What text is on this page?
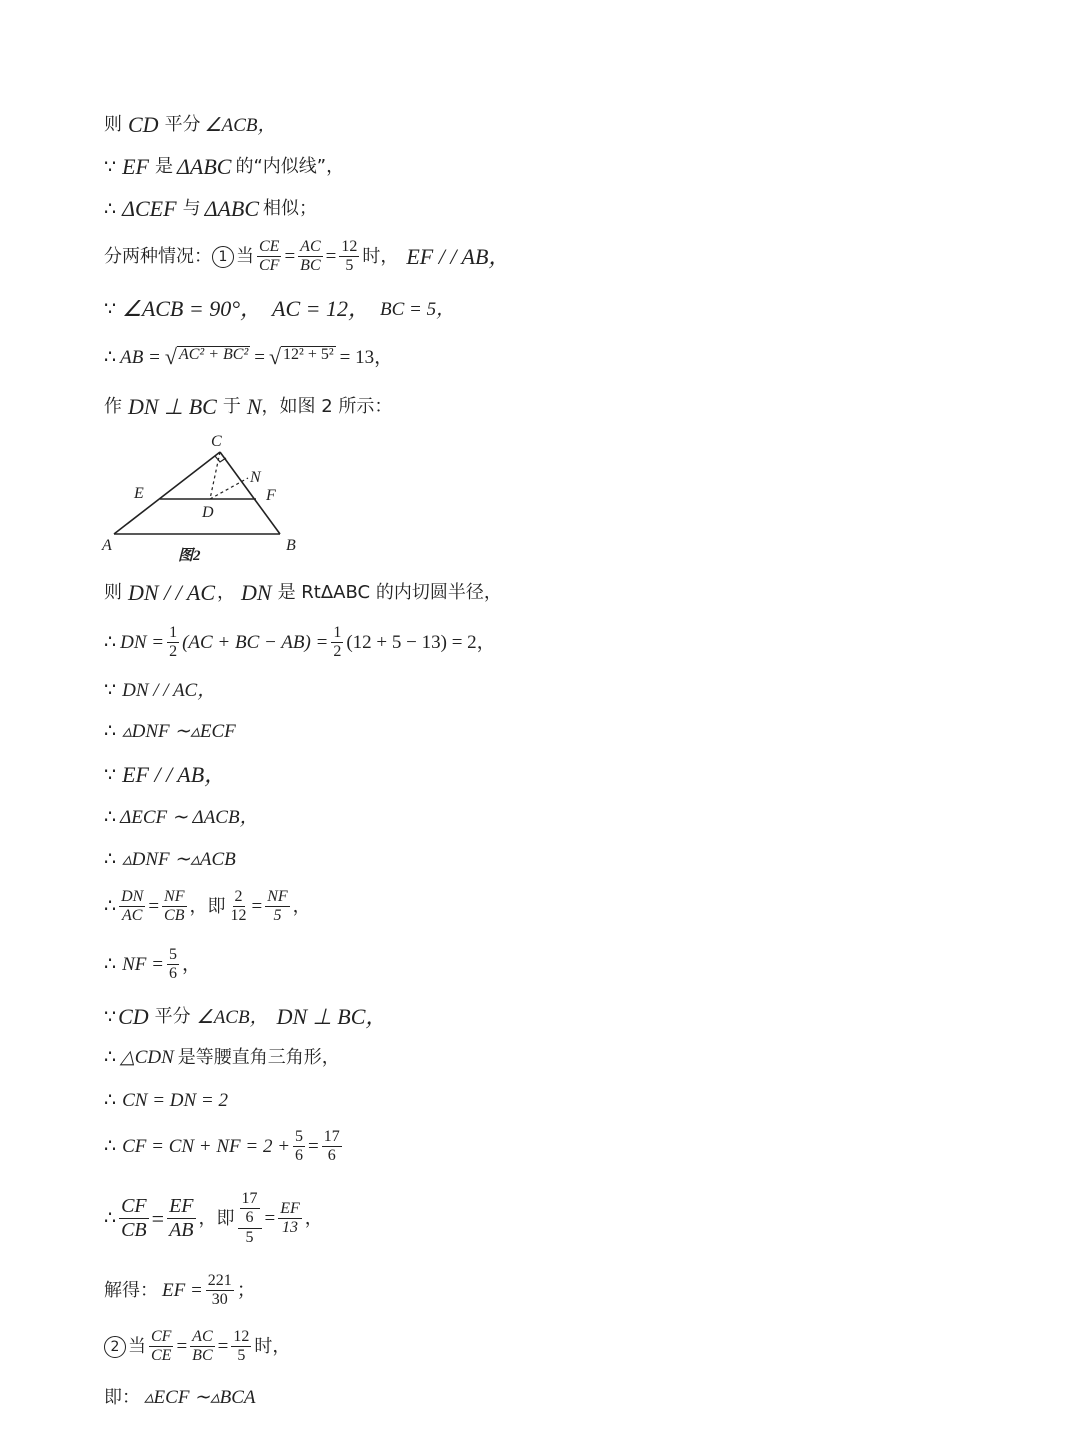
则 CD 平分 ∠ACB，
∵ EF 是 ΔABC 的“内似线”，
∴ ΔCEF 与 ΔABC 相似；
分两种情况： 1 当 $\frac{CE}{CF} = \frac{AC}{BC} = \frac{12}{5}$ 时， EF / / AB，
∵ ∠ACB = 90°， AC = 12， BC = 5，
∴ AB = √ AC² + BC² = √ 12² + 5² = 13，
作 DN ⊥ BC 于 N ，如图 2 所示：
C
N
E	F
D
A	B
图2
则 DN / / AC ， DN 是 RtΔABC 的内切圆半径，
∴ DN = $\frac{1}{2} (AC$ + BC − $AB) = \frac{1}{2} (12 + 5 - 13) = 2$，
∵ DN / / AC，
∴ ▵DNF ∼▵ECF
∵ EF / / AB，
∴ ΔECF ∼ ΔACB，
∴ ▵DNF ∼▵ACB
∴ $\frac{DN}{AC} = \frac{NF}{CB}$ ，即 $\frac{2}{12} = \frac{NF}{5}$ ，
∴ NF = $\frac{5}{6}$ ，
∵ CD 平分 ∠ACB， DN ⊥ BC，
∴ △CDN 是等腰直角三角形，
∴ CN = DN = 2
∴ CF = CN + NF = $2 + \frac{5}{6} = \frac{17}{6}$
∴ $\frac{CF}{CB} = \frac{EF}{AB}$ ，即 $\frac{\frac{17}{6}}{5} = \frac{EF}{13}$ ，
解得： EF = $\frac{221}{30}$ ；
2 当 $\frac{CF}{CE} = \frac{AC}{BC} = \frac{12}{5}$ 时，
即： ▵ECF ∼▵BCA
